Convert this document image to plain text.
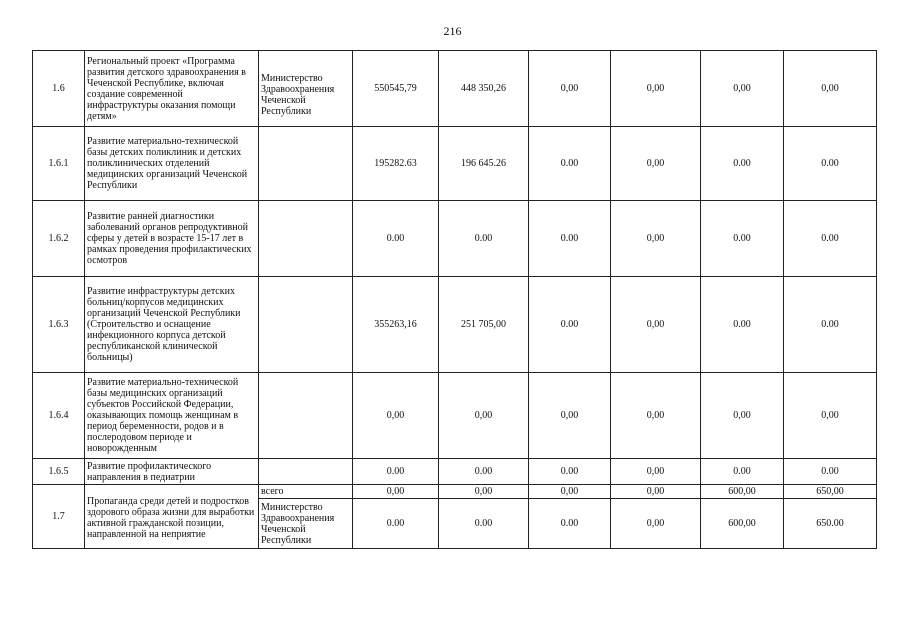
216
1.6	Региональный проект «Программа развития детского здравоохранения в Чеченской Республике, включая создание современной инфраструктуры оказания помощи детям»	Министерство Здравоохранения Чеченской Республики	550545,79	448 350,26	0,00	0,00	0,00	0,00
1.6.1	Развитие материально-технической базы детских поликлиник и детских поликлинических отделений медицинских организаций Чеченской Республики		195282.63	196 645.26	0.00	0,00	0.00	0.00
1.6.2	Развитие ранней диагностики заболеваний органов репродуктивной сферы у детей в возрасте 15-17 лет в рамках проведения профилактических осмотров		0.00	0.00	0.00	0,00	0.00	0.00
1.6.3	Развитие инфраструктуры детских больниц/корпусов медицинских организаций Чеченской Республики (Строительство и оснащение инфекционного корпуса детской республиканской клинической больницы)		355263,16	251 705,00	0.00	0,00	0.00	0.00
1.6.4	Развитие материально-технической базы медицинских организаций субъектов Российской Федерации, оказывающих помощь женщинам в период беременности, родов и в послеродовом периоде и новорожденным		0,00	0,00	0,00	0,00	0,00	0,00
1.6.5	Развитие профилактического направления в педиатрии		0.00	0.00	0.00	0,00	0.00	0.00
1.7	Пропаганда среди детей и подростков здорового образа жизни для выработки активной гражданской позиции, направленной на неприятие	всего	0,00	0,00	0,00	0,00	600,00	650,00
		Министерство Здравоохранения Чеченской Республики	0.00	0.00	0.00	0,00	600,00	650.00
